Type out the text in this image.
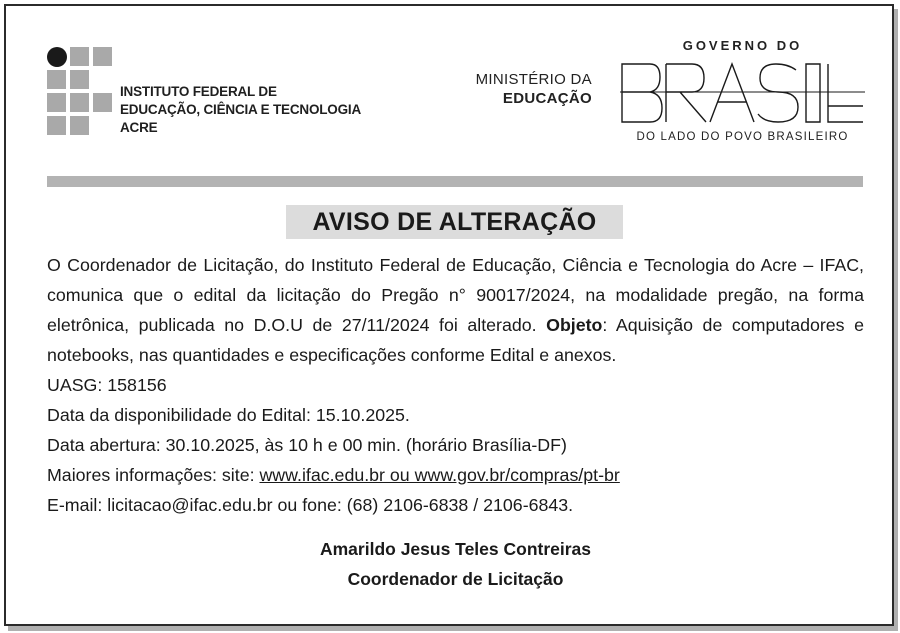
INSTITUTO FEDERAL DE
EDUCAÇÃO, CIÊNCIA E TECNOLOGIA
ACRE
MINISTÉRIO DA
EDUCAÇÃO
GOVERNO DO
DO LADO DO POVO BRASILEIRO
AVISO DE ALTERAÇÃO
O Coordenador de Licitação, do Instituto Federal de Educação, Ciência e Tecnologia do Acre – IFAC, comunica que o edital da licitação do Pregão n° 90017/2024, na modalidade pregão, na forma eletrônica, publicada no D.O.U de 27/11/2024 foi alterado. Objeto: Aquisição de computadores e notebooks, nas quantidades e especificações conforme Edital e anexos.
UASG: 158156
Data da disponibilidade do Edital: 15.10.2025.
Data abertura: 30.10.2025, às 10 h e 00 min. (horário Brasília-DF)
Maiores informações: site: www.ifac.edu.br ou www.gov.br/compras/pt-br
E-mail: licitacao@ifac.edu.br ou fone: (68) 2106-6838 / 2106-6843.
Amarildo Jesus Teles Contreiras
Coordenador de Licitação
